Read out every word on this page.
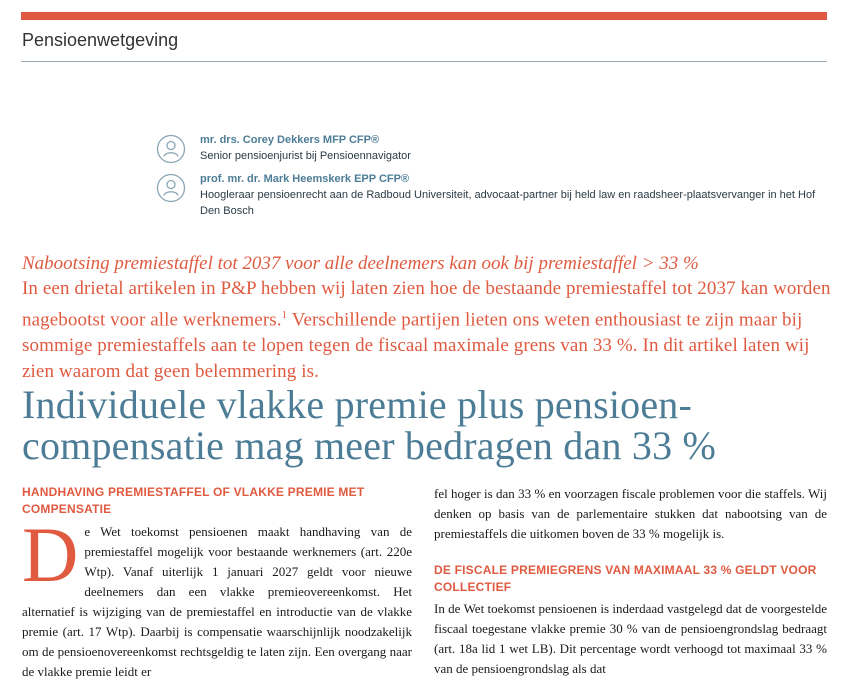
Pensioenwetgeving
mr. drs. Corey Dekkers MFP CFP®
Senior pensioenjurist bij Pensioennavigator
prof. mr. dr. Mark Heemskerk EPP CFP®
Hoogleraar pensioenrecht aan de Radboud Universiteit, advocaat-partner bij held law en raadsheer-plaatsvervanger in het Hof Den Bosch
Nabootsing premiestaffel tot 2037 voor alle deelnemers kan ook bij premiestaffel > 33 %
In een drietal artikelen in P&P hebben wij laten zien hoe de bestaande premiestaffel tot 2037 kan worden nagebootst voor alle werknemers.$^1$ Verschillende partijen lieten ons weten enthousiast te zijn maar bij sommige premiestaffels aan te lopen tegen de fiscaal maximale grens van 33 %. In dit artikel laten wij zien waarom dat geen belemmering is.
Individuele vlakke premie plus pensioencompensatie mag meer bedragen dan 33 %
HANDHAVING PREMIESTAFFEL OF VLAKKE PREMIE MET COMPENSATIE
De Wet toekomst pensioenen maakt handhaving van de premiestaffel mogelijk voor bestaande werknemers (art. 220e Wtp). Vanaf uiterlijk 1 januari 2027 geldt voor nieuwe deelnemers dan een vlakke premieovereenkomst. Het alternatief is wijziging van de premiestaffel en introductie van de vlakke premie (art. 17 Wtp). Daarbij is compensatie waarschijnlijk noodzakelijk om de pensioenovereenkomst rechtsgeldig te laten zijn. Een overgang naar de vlakke premie leidt er
fel hoger is dan 33 % en voorzagen fiscale problemen voor die staffels. Wij denken op basis van de parlementaire stukken dat nabootsing van de premiestaffels die uitkomen boven de 33 % mogelijk is.
DE FISCALE PREMIEGRENS VAN MAXIMAAL 33 % GELDT VOOR COLLECTIEF
In de Wet toekomst pensioenen is inderdaad vastgelegd dat de voorgestelde fiscaal toegestane vlakke premie 30 % van de pensioengrondslag bedraagt (art. 18a lid 1 wet LB). Dit percentage wordt verhoogd tot maximaal 33 % van de pensioengrondslag als dat
